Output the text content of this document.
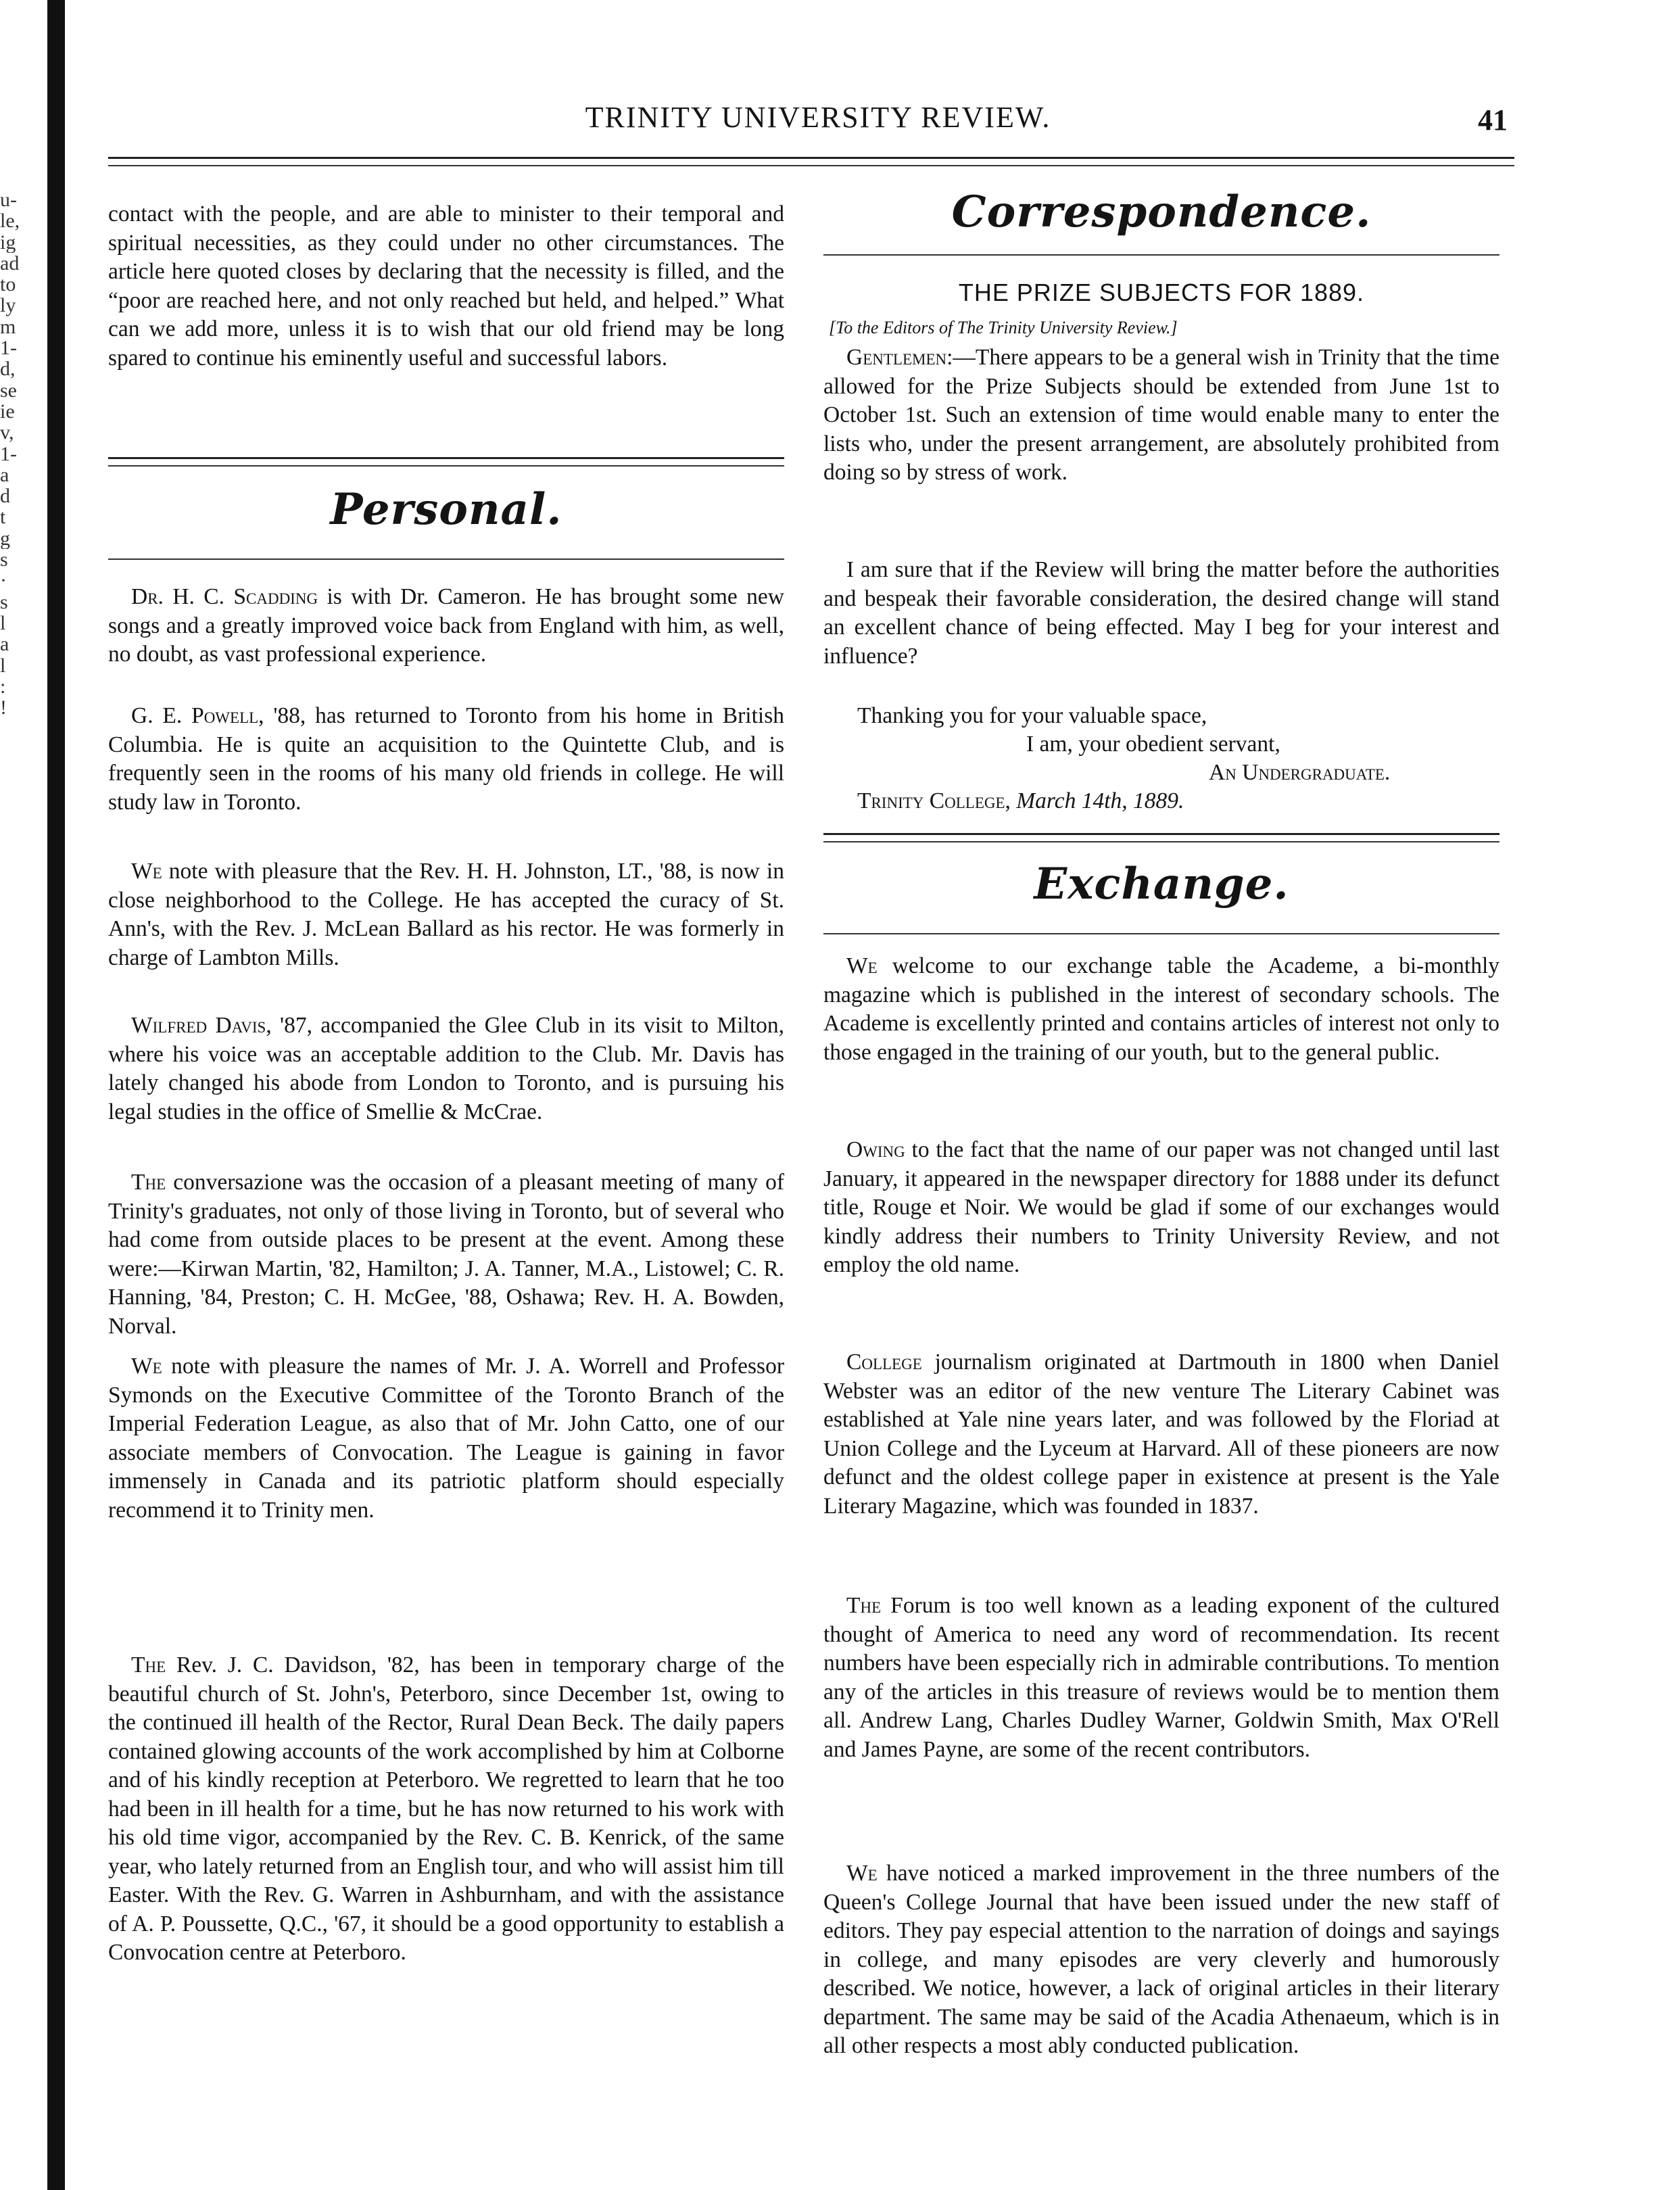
u-
le,
ig
ad
to
ly
m
1-
d,
se
ie
v,
1-
a
d
t
g
s
·
s
l
a
l
:
!
TRINITY UNIVERSITY REVIEW.	41

contact with the people, and are able to minister to their temporal and spiritual necessities, as they could under no other circumstances. The article here quoted closes by declaring that the necessity is filled, and the “poor are reached here, and not only reached but held, and helped.” What can we add more, unless it is to wish that our old friend may be long spared to continue his eminently useful and successful labors.

Personal.

Dr. H. C. Scadding is with Dr. Cameron. He has brought some new songs and a greatly improved voice back from England with him, as well, no doubt, as vast professional experience.

G. E. Powell, '88, has returned to Toronto from his home in British Columbia. He is quite an acquisition to the Quintette Club, and is frequently seen in the rooms of his many old friends in college. He will study law in Toronto.

We note with pleasure that the Rev. H. H. Johnston, LT., '88, is now in close neighborhood to the College. He has accepted the curacy of St. Ann's, with the Rev. J. McLean Ballard as his rector. He was formerly in charge of Lambton Mills.

Wilfred Davis, '87, accompanied the Glee Club in its visit to Milton, where his voice was an acceptable addition to the Club. Mr. Davis has lately changed his abode from London to Toronto, and is pursuing his legal studies in the office of Smellie & McCrae.

The conversazione was the occasion of a pleasant meeting of many of Trinity's graduates, not only of those living in Toronto, but of several who had come from outside places to be present at the event. Among these were:—Kirwan Martin, '82, Hamilton; J. A. Tanner, M.A., Listowel; C. R. Hanning, '84, Preston; C. H. McGee, '88, Oshawa; Rev. H. A. Bowden, Norval.

We note with pleasure the names of Mr. J. A. Worrell and Professor Symonds on the Executive Committee of the Toronto Branch of the Imperial Federation League, as also that of Mr. John Catto, one of our associate members of Convocation. The League is gaining in favor immensely in Canada and its patriotic platform should especially recommend it to Trinity men.

The Rev. J. C. Davidson, '82, has been in temporary charge of the beautiful church of St. John's, Peterboro, since December 1st, owing to the continued ill health of the Rector, Rural Dean Beck. The daily papers contained glowing accounts of the work accomplished by him at Colborne and of his kindly reception at Peterboro. We regretted to learn that he too had been in ill health for a time, but he has now returned to his work with his old time vigor, accompanied by the Rev. C. B. Kenrick, of the same year, who lately returned from an English tour, and who will assist him till Easter. With the Rev. G. Warren in Ashburnham, and with the assistance of A. P. Poussette, Q.C., '67, it should be a good opportunity to establish a Convocation centre at Peterboro.

Correspondence.
THE PRIZE SUBJECTS FOR 1889.
[To the Editors of The Trinity University Review.]

Gentlemen:—There appears to be a general wish in Trinity that the time allowed for the Prize Subjects should be extended from June 1st to October 1st. Such an extension of time would enable many to enter the lists who, under the present arrangement, are absolutely prohibited from doing so by stress of work.

I am sure that if the Review will bring the matter before the authorities and bespeak their favorable consideration, the desired change will stand an excellent chance of being effected. May I beg for your interest and influence?

Thanking you for your valuable space,
I am, your obedient servant,
An Undergraduate.
Trinity College, March 14th, 1889.
Exchange.

We welcome to our exchange table the Academe, a bi-monthly magazine which is published in the interest of secondary schools. The Academe is excellently printed and contains articles of interest not only to those engaged in the training of our youth, but to the general public.

Owing to the fact that the name of our paper was not changed until last January, it appeared in the newspaper directory for 1888 under its defunct title, Rouge et Noir. We would be glad if some of our exchanges would kindly address their numbers to Trinity University Review, and not employ the old name.

College journalism originated at Dartmouth in 1800 when Daniel Webster was an editor of the new venture The Literary Cabinet was established at Yale nine years later, and was followed by the Floriad at Union College and the Lyceum at Harvard. All of these pioneers are now defunct and the oldest college paper in existence at present is the Yale Literary Magazine, which was founded in 1837.

The Forum is too well known as a leading exponent of the cultured thought of America to need any word of recommendation. Its recent numbers have been especially rich in admirable contributions. To mention any of the articles in this treasure of reviews would be to mention them all. Andrew Lang, Charles Dudley Warner, Goldwin Smith, Max O'Rell and James Payne, are some of the recent contributors.

We have noticed a marked improvement in the three numbers of the Queen's College Journal that have been issued under the new staff of editors. They pay especial attention to the narration of doings and sayings in college, and many episodes are very cleverly and humorously described. We notice, however, a lack of original articles in their literary department. The same may be said of the Acadia Athenaeum, which is in all other respects a most ably conducted publication.
